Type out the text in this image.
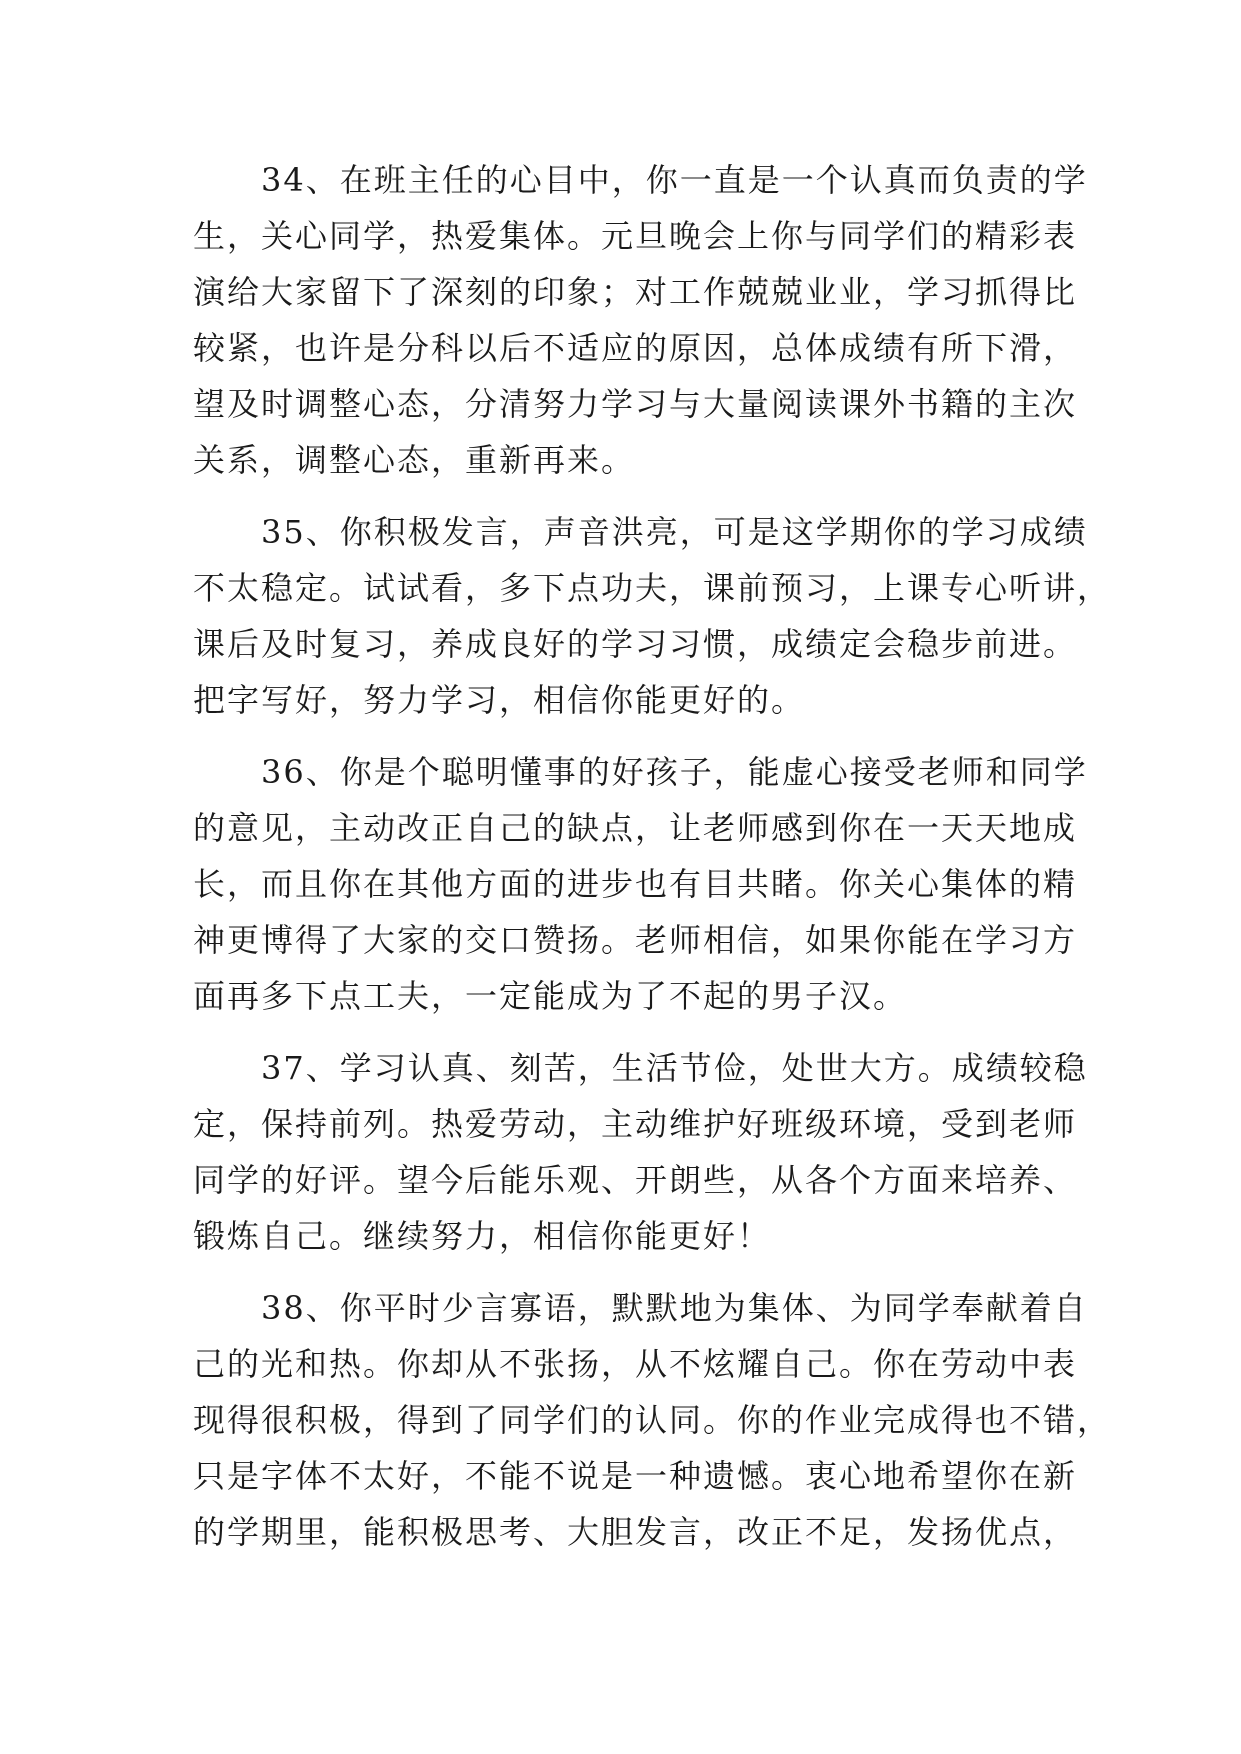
　　34、在班主任的心目中，你一直是一个认真而负责的学
生，关心同学，热爱集体。元旦晚会上你与同学们的精彩表
演给大家留下了深刻的印象；对工作兢兢业业，学习抓得比
较紧，也许是分科以后不适应的原因，总体成绩有所下滑，
望及时调整心态，分清努力学习与大量阅读课外书籍的主次
关系，调整心态，重新再来。
　　35、你积极发言，声音洪亮，可是这学期你的学习成绩
不太稳定。试试看，多下点功夫，课前预习，上课专心听讲，
课后及时复习，养成良好的学习习惯，成绩定会稳步前进。
把字写好，努力学习，相信你能更好的。
　　36、你是个聪明懂事的好孩子，能虚心接受老师和同学
的意见，主动改正自己的缺点，让老师感到你在一天天地成
长，而且你在其他方面的进步也有目共睹。你关心集体的精
神更博得了大家的交口赞扬。老师相信，如果你能在学习方
面再多下点工夫，一定能成为了不起的男子汉。
　　37、学习认真、刻苦，生活节俭，处世大方。成绩较稳
定，保持前列。热爱劳动，主动维护好班级环境，受到老师
同学的好评。望今后能乐观、开朗些，从各个方面来培养、
锻炼自己。继续努力，相信你能更好！
　　38、你平时少言寡语，默默地为集体、为同学奉献着自
己的光和热。你却从不张扬，从不炫耀自己。你在劳动中表
现得很积极，得到了同学们的认同。你的作业完成得也不错，
只是字体不太好，不能不说是一种遗憾。衷心地希望你在新
的学期里，能积极思考、大胆发言，改正不足，发扬优点，
